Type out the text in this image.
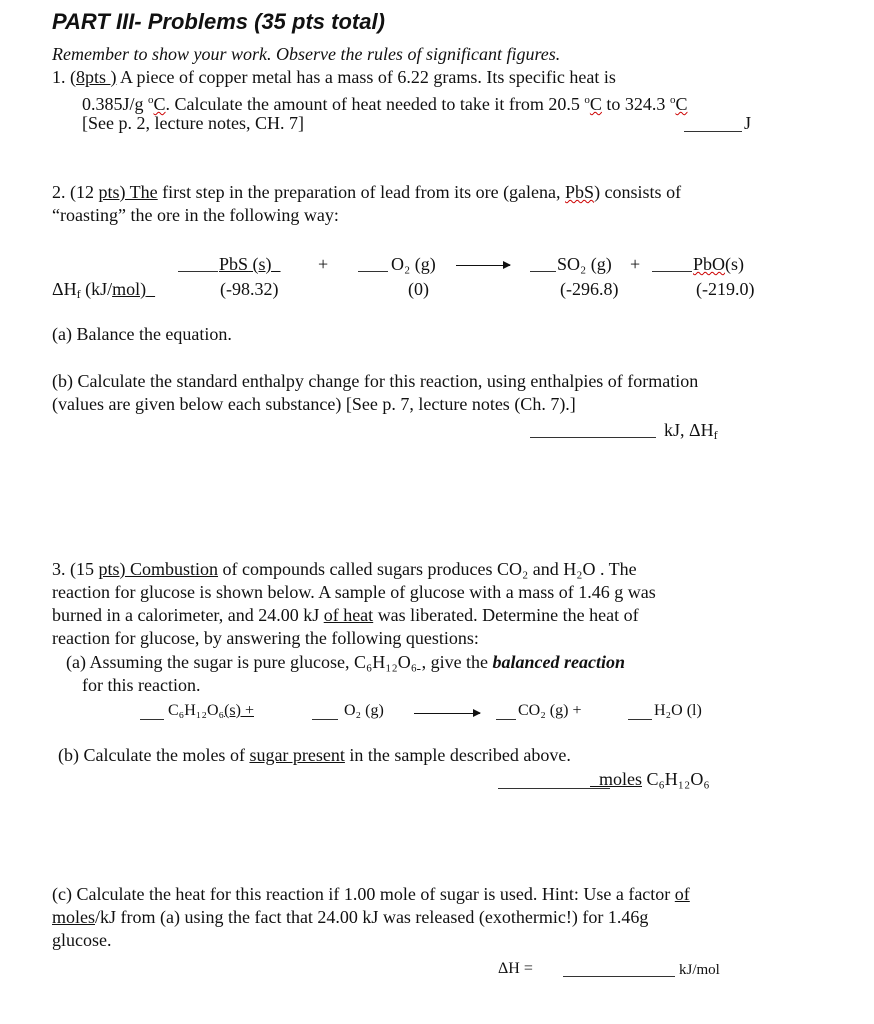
PART III- Problems (35 pts total)
Remember to show your work. Observe the rules of significant figures.
1. (8pts ) A piece of copper metal has a mass of 6.22 grams. Its specific heat is
0.385J/g $^o$C. Calculate the amount of heat needed to take it from 20.5 $^o$C to 324.3 $^o$C
[See p. 2, lecture notes, CH. 7]	J
2. (12 pts) The first step in the preparation of lead from its ore (galena, PbS) consists of
“roasting” the ore in the following way:
PbS (s)	+	O₂ (g) →	SO₂ (g) +	PbO(s)
$\Delta H_f$ (kJ/mol)	(-98.32)	(0)	(-296.8)	(-219.0)
(a) Balance the equation.
(b) Calculate the standard enthalpy change for this reaction, using enthalpies of formation
(values are given below each substance) [See p. 7, lecture notes (Ch. 7).]
kJ, $\Delta H_f$
3. (15 pts) Combustion of compounds called sugars produces CO₂ and H₂O . The
reaction for glucose is shown below. A sample of glucose with a mass of 1.46 g was
burned in a calorimeter, and 24.00 kJ of heat was liberated. Determine the heat of
reaction for glucose, by answering the following questions:
(a) Assuming the sugar is pure glucose, C₆H₁₂O₆ , give the balanced reaction
for this reaction.
C₆H₁₂O₆(s) +	O₂ (g)	CO₂ (g) +	H₂O (l)
(b) Calculate the moles of sugar present in the sample described above.
moles C₆H₁₂O₆
(c) Calculate the heat for this reaction if 1.00 mole of sugar is used. Hint: Use a factor of
moles/kJ from (a) using the fact that 24.00 kJ was released (exothermic!) for 1.46g
glucose.
ΔH =	kJ/mol
